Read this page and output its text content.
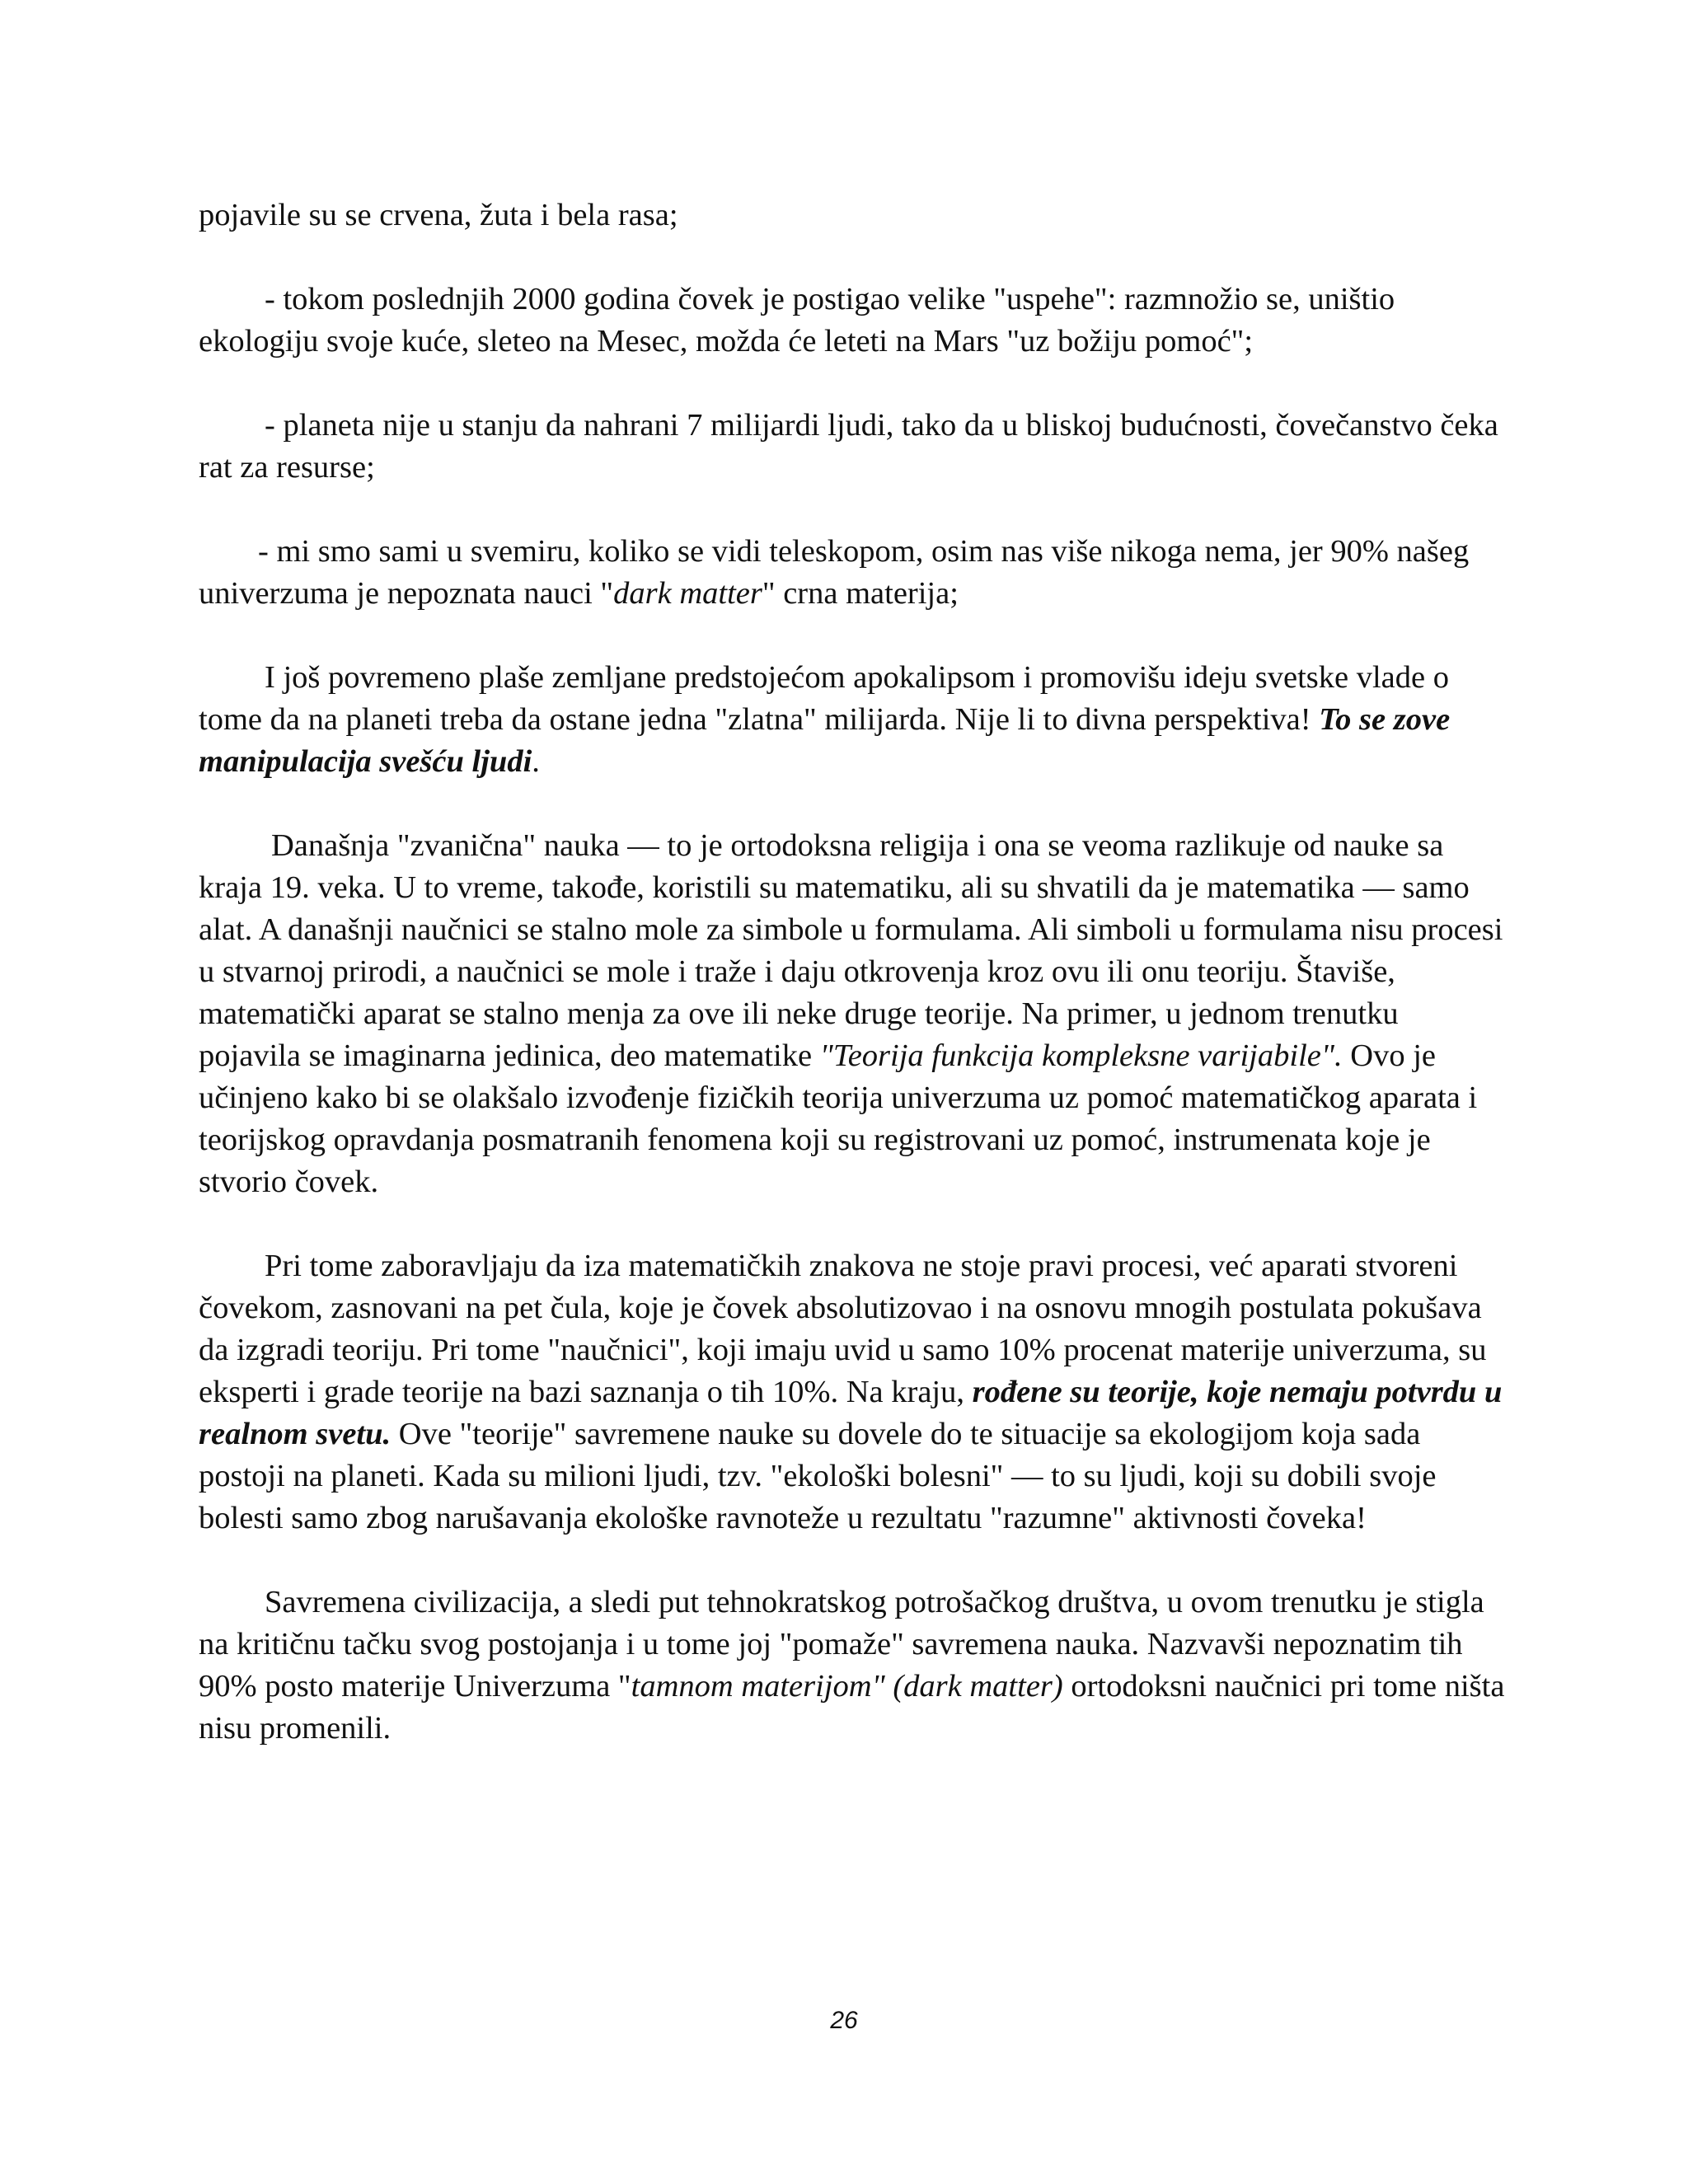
pojavile su se crvena, žuta i bela rasa;

- tokom poslednjih 2000 godina čovek je postigao velike "uspehe": razmnožio se, uništio ekologiju svoje kuće, sleteo na Mesec, možda će leteti na Mars "uz božiju pomoć";

- planeta nije u stanju da nahrani 7 milijardi ljudi, tako da u bliskoj budućnosti, čovečanstvo čeka rat za resurse;

- mi smo sami u svemiru, koliko se vidi teleskopom, osim nas više nikoga nema, jer 90% našeg univerzuma je nepoznata nauci "dark matter" crna materija;

I još povremeno plaše zemljane predstojećom apokalipsom i promovišu ideju svetske vlade o tome da na planeti treba da ostane jedna "zlatna" milijarda. Nije li to divna perspektiva! To se zove manipulacija svešću ljudi.

Današnja "zvanična" nauka — to je ortodoksna religija i ona se veoma razlikuje od nauke sa kraja 19. veka. U to vreme, takođe, koristili su matematiku, ali su shvatili da je matematika — samo alat. A današnji naučnici se stalno mole za simbole u formulama. Ali simboli u formulama nisu procesi u stvarnoj prirodi, a naučnici se mole i traže i daju otkrovenja kroz ovu ili onu teoriju. Štaviše, matematički aparat se stalno menja za ove ili neke druge teorije. Na primer, u jednom trenutku pojavila se imaginarna jedinica, deo matematike "Teorija funkcija kompleksne varijabile". Ovo je učinjeno kako bi se olakšalo izvođenje fizičkih teorija univerzuma uz pomoć matematičkog aparata i teorijskog opravdanja posmatranih fenomena koji su registrovani uz pomoć, instrumenata koje je stvorio čovek.

Pri tome zaboravljaju da iza matematičkih znakova ne stoje pravi procesi, već aparati stvoreni čovekom, zasnovani na pet čula, koje je čovek absolutizovao i na osnovu mnogih postulata pokušava da izgradi teoriju. Pri tome "naučnici", koji imaju uvid u samo 10% procenat materije univerzuma, su eksperti i grade teorije na bazi saznanja o tih 10%. Na kraju, rođene su teorije, koje nemaju potvrdu u realnom svetu. Ove "teorije" savremene nauke su dovele do te situacije sa ekologijom koja sada postoji na planeti. Kada su milioni ljudi, tzv. "ekološki bolesni" — to su ljudi, koji su dobili svoje bolesti samo zbog narušavanja ekološke ravnoteže u rezultatu "razumne" aktivnosti čoveka!

Savremena civilizacija, a sledi put tehnokratskog potrošačkog društva, u ovom trenutku je stigla na kritičnu tačku svog postojanja i u tome joj "pomaže" savremena nauka. Nazvavši nepoznatim tih 90% posto materije Univerzuma "tamnom materijom" (dark matter) ortodoksni naučnici pri tome ništa nisu promenili.

26
